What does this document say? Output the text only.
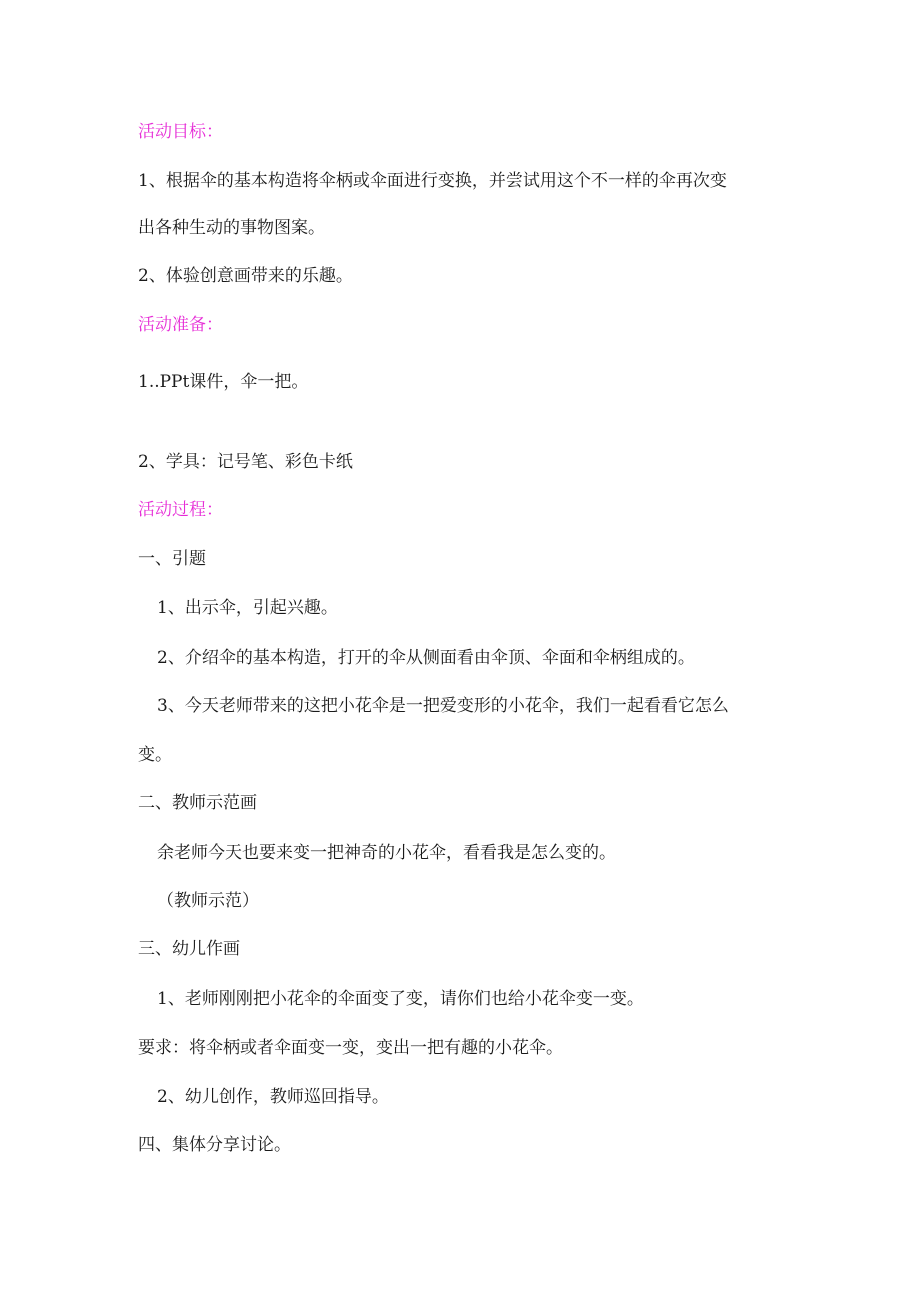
活动目标：
1、根据伞的基本构造将伞柄或伞面进行变换，并尝试用这个不一样的伞再次变
出各种生动的事物图案。
2、体验创意画带来的乐趣。
活动准备：
1..PPt课件，伞一把。
2、学具：记号笔、彩色卡纸
活动过程：
一、引题
1、出示伞，引起兴趣。
2、介绍伞的基本构造，打开的伞从侧面看由伞顶、伞面和伞柄组成的。
3、今天老师带来的这把小花伞是一把爱变形的小花伞，我们一起看看它怎么
变。
二、教师示范画
余老师今天也要来变一把神奇的小花伞，看看我是怎么变的。
（教师示范）
三、幼儿作画
1、老师刚刚把小花伞的伞面变了变，请你们也给小花伞变一变。
要求：将伞柄或者伞面变一变，变出一把有趣的小花伞。
2、幼儿创作，教师巡回指导。
四、集体分享讨论。
